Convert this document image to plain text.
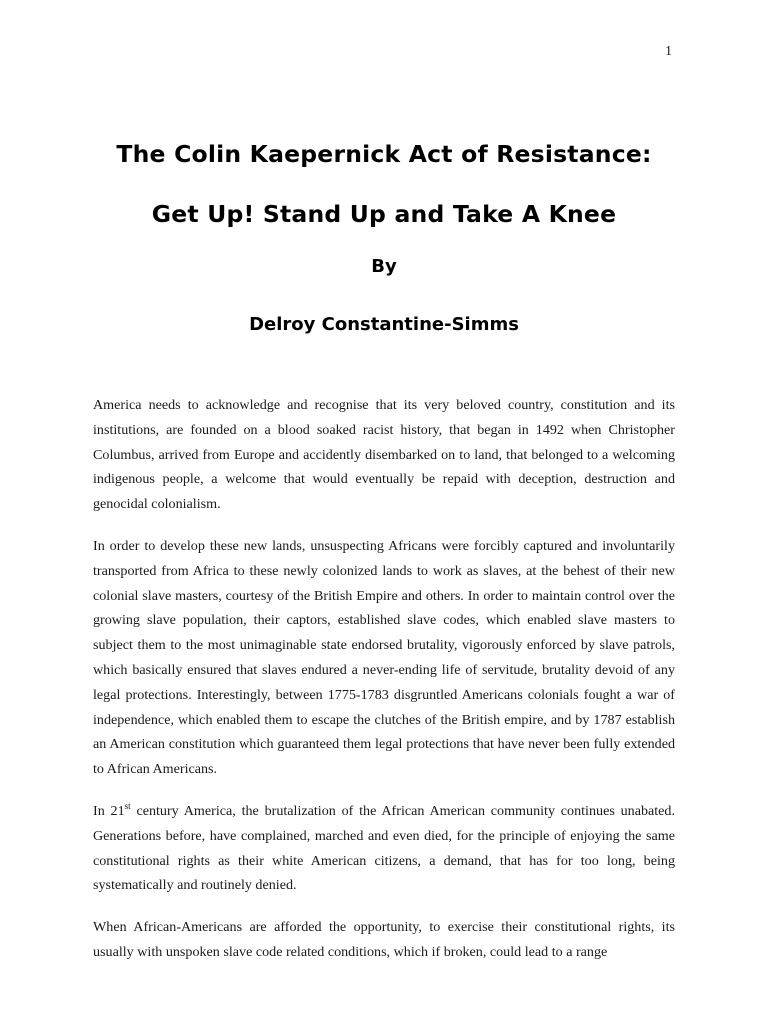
1
The Colin Kaepernick Act of Resistance:
Get Up! Stand Up and Take A Knee
By
Delroy Constantine-Simms

America needs to acknowledge and recognise that its very beloved country, constitution and its institutions, are founded on a blood soaked racist history, that began in 1492 when Christopher Columbus, arrived from Europe and accidently disembarked on to land, that belonged to a welcoming indigenous people, a welcome that would eventually be repaid with deception, destruction and genocidal colonialism.

In order to develop these new lands, unsuspecting Africans were forcibly captured and involuntarily transported from Africa to these newly colonized lands to work as slaves, at the behest of their new colonial slave masters, courtesy of the British Empire and others. In order to maintain control over the growing slave population, their captors, established slave codes, which enabled slave masters to subject them to the most unimaginable state endorsed brutality, vigorously enforced by slave patrols, which basically ensured that slaves endured a never-ending life of servitude, brutality devoid of any legal protections. Interestingly, between 1775-1783 disgruntled Americans colonials fought a war of independence, which enabled them to escape the clutches of the British empire, and by 1787 establish an American constitution which guaranteed them legal protections that have never been fully extended to African Americans.

In 21st century America, the brutalization of the African American community continues unabated. Generations before, have complained, marched and even died, for the principle of enjoying the same constitutional rights as their white American citizens, a demand, that has for too long, being systematically and routinely denied.

When African-Americans are afforded the opportunity, to exercise their constitutional rights, its usually with unspoken slave code related conditions, which if broken, could lead to a range
